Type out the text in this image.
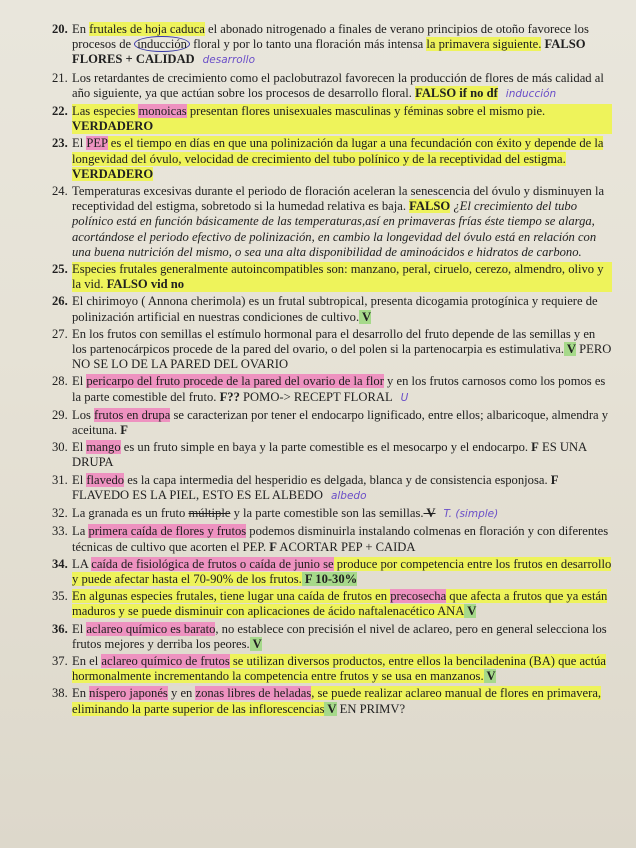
20. En frutales de hoja caduca el abonado nitrogenado a finales de verano principios de otoño favorece los procesos de inducción floral y por lo tanto una floración más intensa la primavera siguiente. FALSO FLORES + CALIDAD desarrollo
21. Los retardantes de crecimiento como el paclobutrazol favorecen la producción de flores de más calidad al año siguiente, ya que actúan sobre los procesos de desarrollo floral. FALSO if no df inducción
22. Las especies monoicas presentan flores unisexuales masculinas y féminas sobre el mismo pie. VERDADERO
23. El PEP es el tiempo en días en que una polinización da lugar a una fecundación con éxito y depende de la longevidad del óvulo, velocidad de crecimiento del tubo polínico y de la receptividad del estigma. VERDADERO
24. Temperaturas excesivas durante el periodo de floración aceleran la senescencia del óvulo y disminuyen la receptividad del estigma, sobretodo si la humedad relativa es baja. FALSO ¿El crecimiento del tubo polínico está en función básicamente de las temperaturas,así en primaveras frías éste tiempo se alarga, acortándose el periodo efectivo de polinización, en cambio la longevidad del óvulo está en relación con una buena nutrición del mismo, o sea una alta disponibilidad de aminoácidos e hidratos de carbono.
25. Especies frutales generalmente autoincompatibles son: manzano, peral, ciruelo, cerezo, almendro, olivo y la vid. FALSO vid no
26. El chirimoyo ( Annona cherimola) es un frutal subtropical, presenta dicogamia protogínica y requiere de polinización artificial en nuestras condiciones de cultivo. V
27. En los frutos con semillas el estímulo hormonal para el desarrollo del fruto depende de las semillas y en los partenocárpicos procede de la pared del ovario, o del polen si la partenocarpia es estimulativa. V PERO NO SE LO DE LA PARED DEL OVARIO
28. El pericarpo del fruto procede de la pared del ovario de la flor y en los frutos carnosos como los pomos es la parte comestible del fruto. F?? POMO-> RECEPT FLORAL U
29. Los frutos en drupa se caracterizan por tener el endocarpo lignificado, entre ellos; albaricoque, almendra y aceituna. F
30. El mango es un fruto simple en baya y la parte comestible es el mesocarpo y el endocarpo. F ES UNA DRUPA
31. El flavedo es la capa intermedia del hesperidio es delgada, blanca y de consistencia esponjosa. F FLAVEDO ES LA PIEL, ESTO ES EL ALBEDO albedo
32. La granada es un fruto múltiple y la parte comestible son las semillas. V T. (simple)
33. La primera caída de flores y frutos podemos disminuirla instalando colmenas en floración y con diferentes técnicas de cultivo que acorten el PEP. F ACORTAR PEP + CAIDA
34. LA caída de fisiológica de frutos o caída de junio se produce por competencia entre los frutos en desarrollo y puede afectar hasta el 70-90% de los frutos. F 10-30%
35. En algunas especies frutales, tiene lugar una caída de frutos en precosecha que afecta a frutos que ya están maduros y se puede disminuir con aplicaciones de ácido naftalenacético ANA V
36. El aclareo químico es barato, no establece con precisión el nivel de aclareo, pero en general selecciona los frutos mejores y derriba los peores. V
37. En el aclareo químico de frutos se utilizan diversos productos, entre ellos la benciladenina (BA) que actúa hormonalmente incrementando la competencia entre frutos y se usa en manzanos. V
38. En níspero japonés y en zonas libres de heladas, se puede realizar aclareo manual de flores en primavera, eliminando la parte superior de las inflorescencias V EN PRIMV?
